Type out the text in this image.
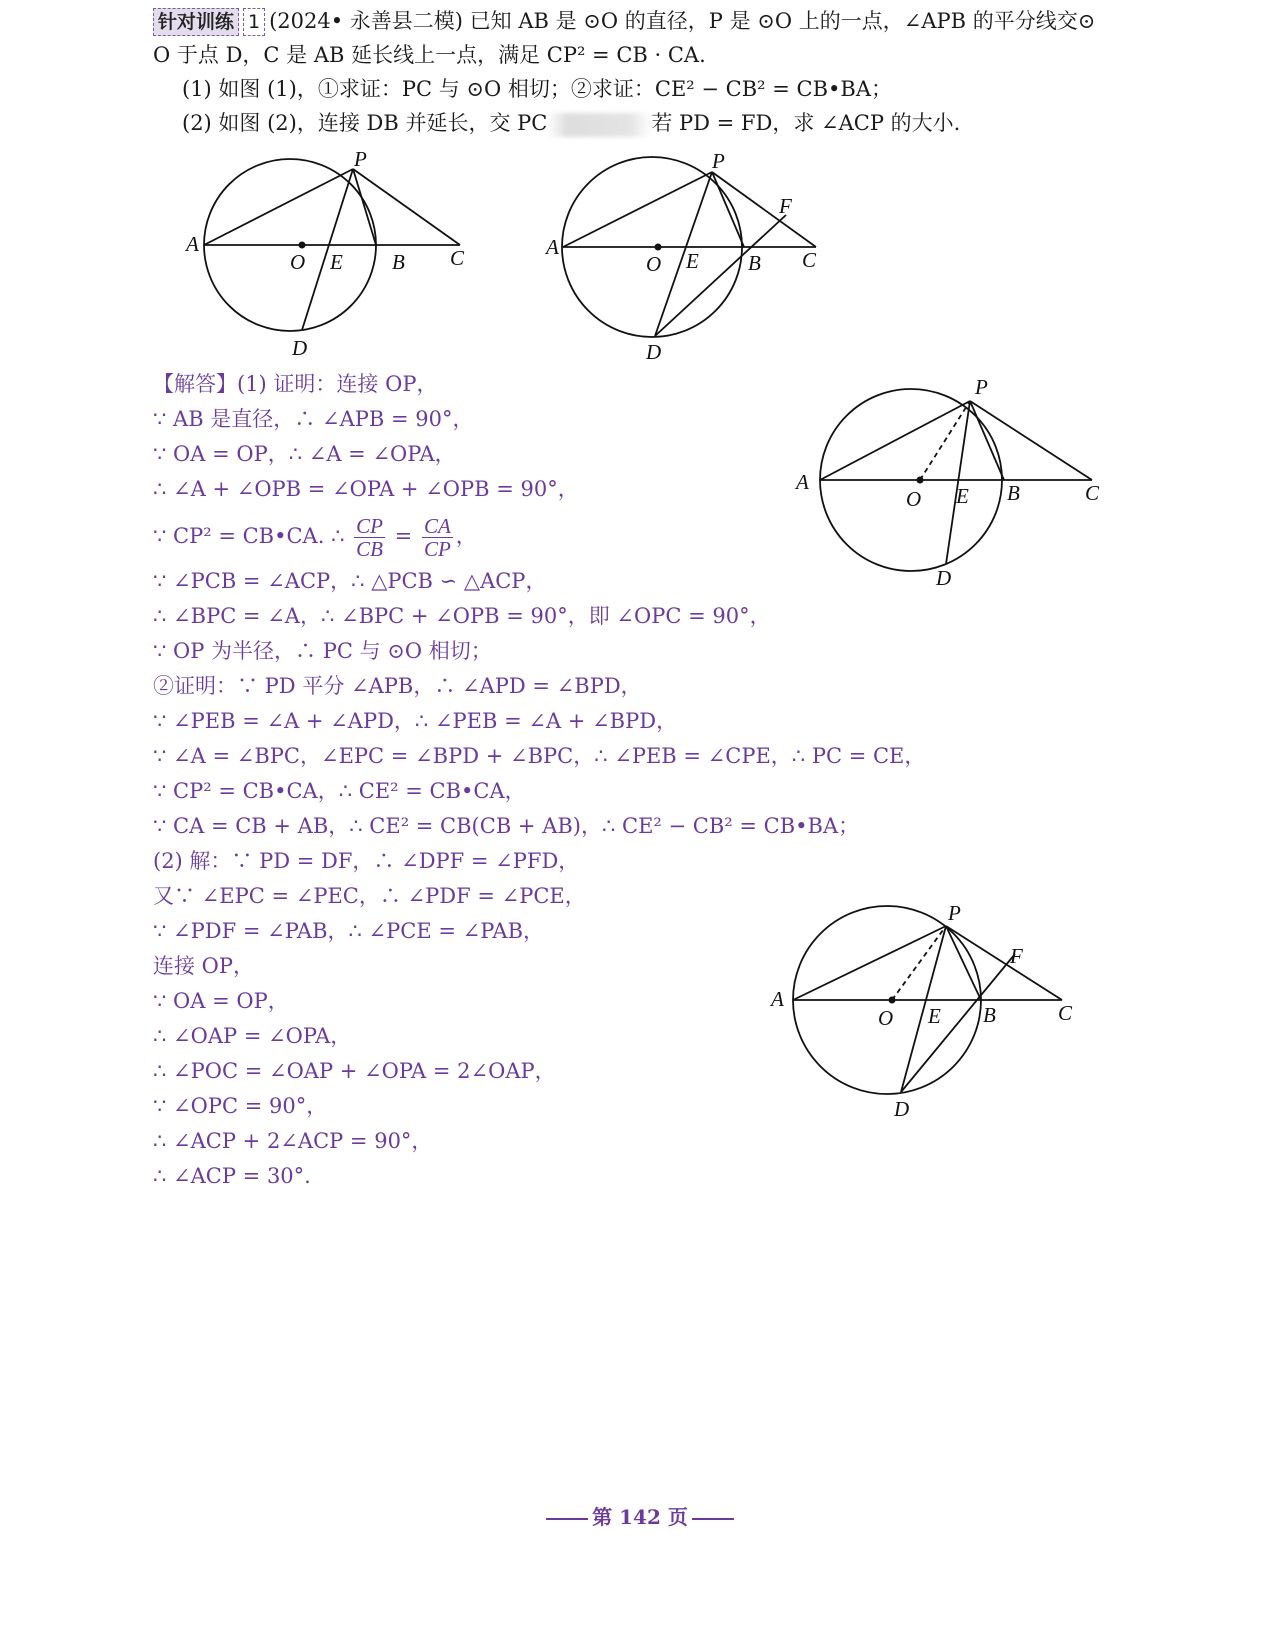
针对训练 1 (2024• 永善县二模) 已知 AB 是 ⊙O 的直径，P 是 ⊙O 上的一点，∠APB 的平分线交⊙
O 于点 D，C 是 AB 延长线上一点，满足 CP² = CB · CA.
(1) 如图 (1)，①求证：PC 与 ⊙O 相切；②求证：CE² − CB² = CB•BA；
(2) 如图 (2)，连接 DB 并延长，交 PC	若 PD = FD，求 ∠ACP 的大小.
P
A
O E B C
D
P
F
A
O E B C
D
P
A
O E B	C
D
P
F
A
O E B	C
D
【解答】(1) 证明：连接 OP，
∵ AB 是直径，∴ ∠APB = 90°，
∵ OA = OP，∴ ∠A = ∠OPA，
∴ ∠A + ∠OPB = ∠OPA + ∠OPB = 90°，
∵ CP² = CB•CA. ∴ $\frac{CP}{CB} = \frac{CA}{CP}$ ，
∵ ∠PCB = ∠ACP，∴ △PCB ∽ △ACP，
∴ ∠BPC = ∠A，∴ ∠BPC + ∠OPB = 90°，即 ∠OPC = 90°，
∵ OP 为半径，∴ PC 与 ⊙O 相切；
②证明：∵ PD 平分 ∠APB，∴ ∠APD = ∠BPD，
∵ ∠PEB = ∠A + ∠APD，∴ ∠PEB = ∠A + ∠BPD，
∵ ∠A = ∠BPC，∠EPC = ∠BPD + ∠BPC，∴ ∠PEB = ∠CPE，∴ PC = CE，
∵ CP² = CB•CA，∴ CE² = CB•CA，
∵ CA = CB + AB，∴ CE² = CB(CB + AB)，∴ CE² − CB² = CB•BA；
(2) 解：∵ PD = DF，∴ ∠DPF = ∠PFD，
又∵ ∠EPC = ∠PEC，∴ ∠PDF = ∠PCE，
∵ ∠PDF = ∠PAB，∴ ∠PCE = ∠PAB，
连接 OP，
∵ OA = OP，
∴ ∠OAP = ∠OPA，
∴ ∠POC = ∠OAP + ∠OPA = 2∠OAP，
∵ ∠OPC = 90°，
∴ ∠ACP + 2∠ACP = 90°，
∴ ∠ACP = 30°.
第 142 页
